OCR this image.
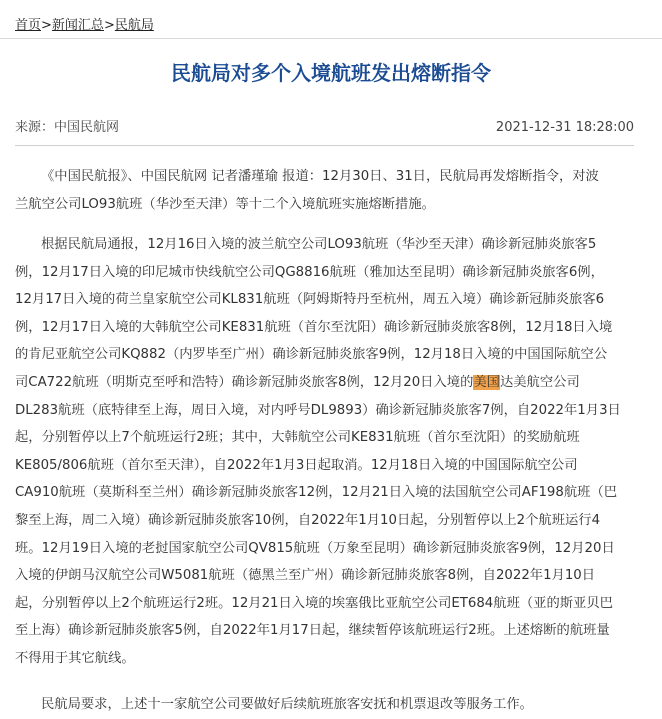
首页>新闻汇总>民航局
民航局对多个入境航班发出熔断指令
来源：中国民航网	2021-12-31 18:28:00
《中国民航报》、中国民航网 记者潘瑾瑜 报道：12月30日、31日，民航局再发熔断指令，对波
兰航空公司LO93航班（华沙至天津）等十二个入境航班实施熔断措施。
根据民航局通报，12月16日入境的波兰航空公司LO93航班（华沙至天津）确诊新冠肺炎旅客5
例，12月17日入境的印尼城市快线航空公司QG8816航班（雅加达至昆明）确诊新冠肺炎旅客6例，
12月17日入境的荷兰皇家航空公司KL831航班（阿姆斯特丹至杭州，周五入境）确诊新冠肺炎旅客6
例，12月17日入境的大韩航空公司KE831航班（首尔至沈阳）确诊新冠肺炎旅客8例，12月18日入境
的肯尼亚航空公司KQ882（内罗毕至广州）确诊新冠肺炎旅客9例，12月18日入境的中国国际航空公
司CA722航班（明斯克至呼和浩特）确诊新冠肺炎旅客8例，12月20日入境的美国达美航空公司
DL283航班（底特律至上海，周日入境，对内呼号DL9893）确诊新冠肺炎旅客7例，自2022年1月3日
起，分别暂停以上7个航班运行2班；其中，大韩航空公司KE831航班（首尔至沈阳）的奖励航班
KE805/806航班（首尔至天津），自2022年1月3日起取消。12月18日入境的中国国际航空公司
CA910航班（莫斯科至兰州）确诊新冠肺炎旅客12例，12月21日入境的法国航空公司AF198航班（巴
黎至上海，周二入境）确诊新冠肺炎旅客10例，自2022年1月10日起，分别暂停以上2个航班运行4
班。12月19日入境的老挝国家航空公司QV815航班（万象至昆明）确诊新冠肺炎旅客9例，12月20日
入境的伊朗马汉航空公司W5081航班（德黑兰至广州）确诊新冠肺炎旅客8例，自2022年1月10日
起，分别暂停以上2个航班运行2班。12月21日入境的埃塞俄比亚航空公司ET684航班（亚的斯亚贝巴
至上海）确诊新冠肺炎旅客5例，自2022年1月17日起，继续暂停该航班运行2班。上述熔断的航班量
不得用于其它航线。
民航局要求，上述十一家航空公司要做好后续航班旅客安抚和机票退改等服务工作。
